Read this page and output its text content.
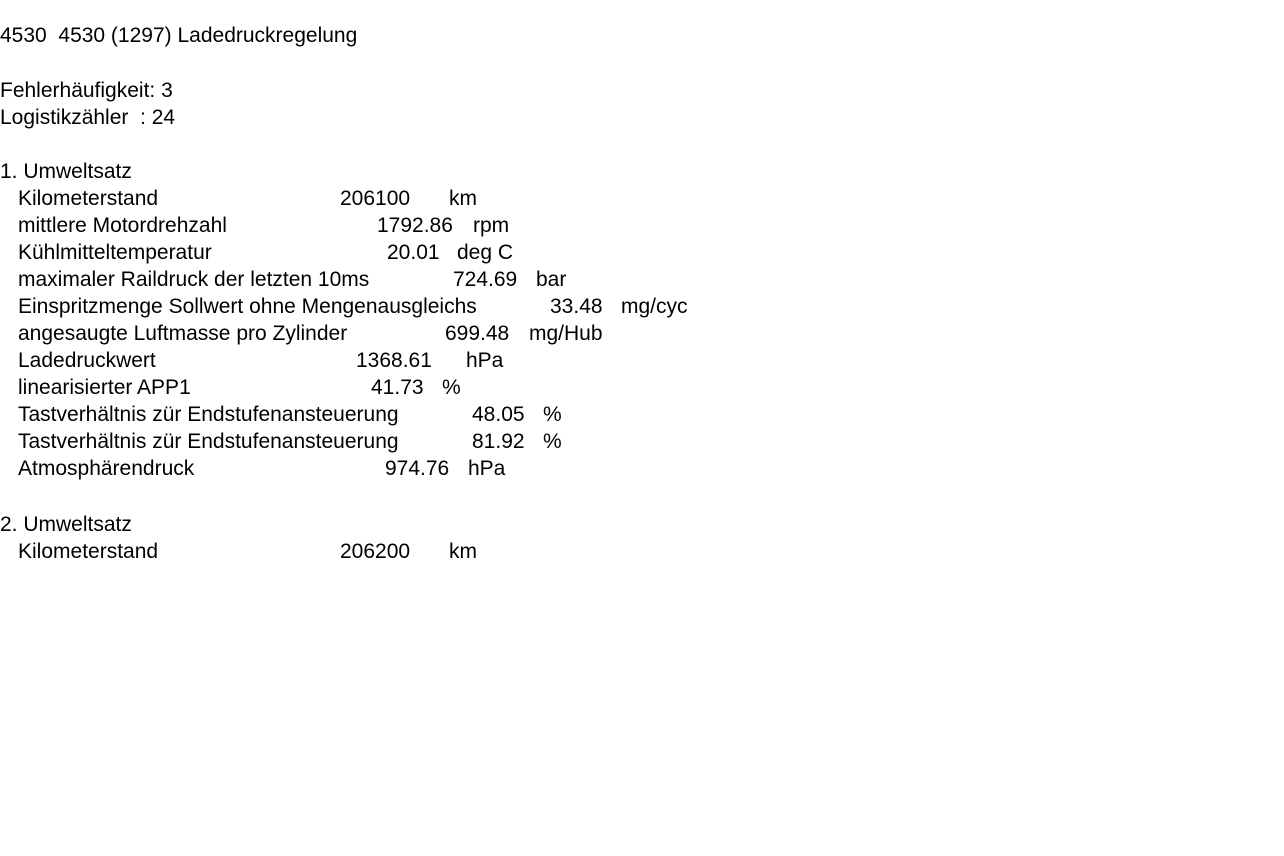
4530  4530 (1297) Ladedruckregelung
Fehlerhäufigkeit: 3
Logistikzähler  : 24
1. Umweltsatz
Kilometerstand	206100 km
mittlere Motordrehzahl	1792.86 rpm
Kühlmitteltemperatur	20.01 deg C
maximaler Raildruck der letzten 10ms	724.69 bar
Einspritzmenge Sollwert ohne Mengenausgleichs	33.48 mg/cyc
angesaugte Luftmasse pro Zylinder	699.48 mg/Hub
Ladedruckwert	1368.61 hPa
linearisierter APP1	41.73 %
Tastverhältnis zür Endstufenansteuerung	48.05 %
Tastverhältnis zür Endstufenansteuerung	81.92 %
Atmosphärendruck	974.76 hPa
2. Umweltsatz
Kilometerstand	206200 km
